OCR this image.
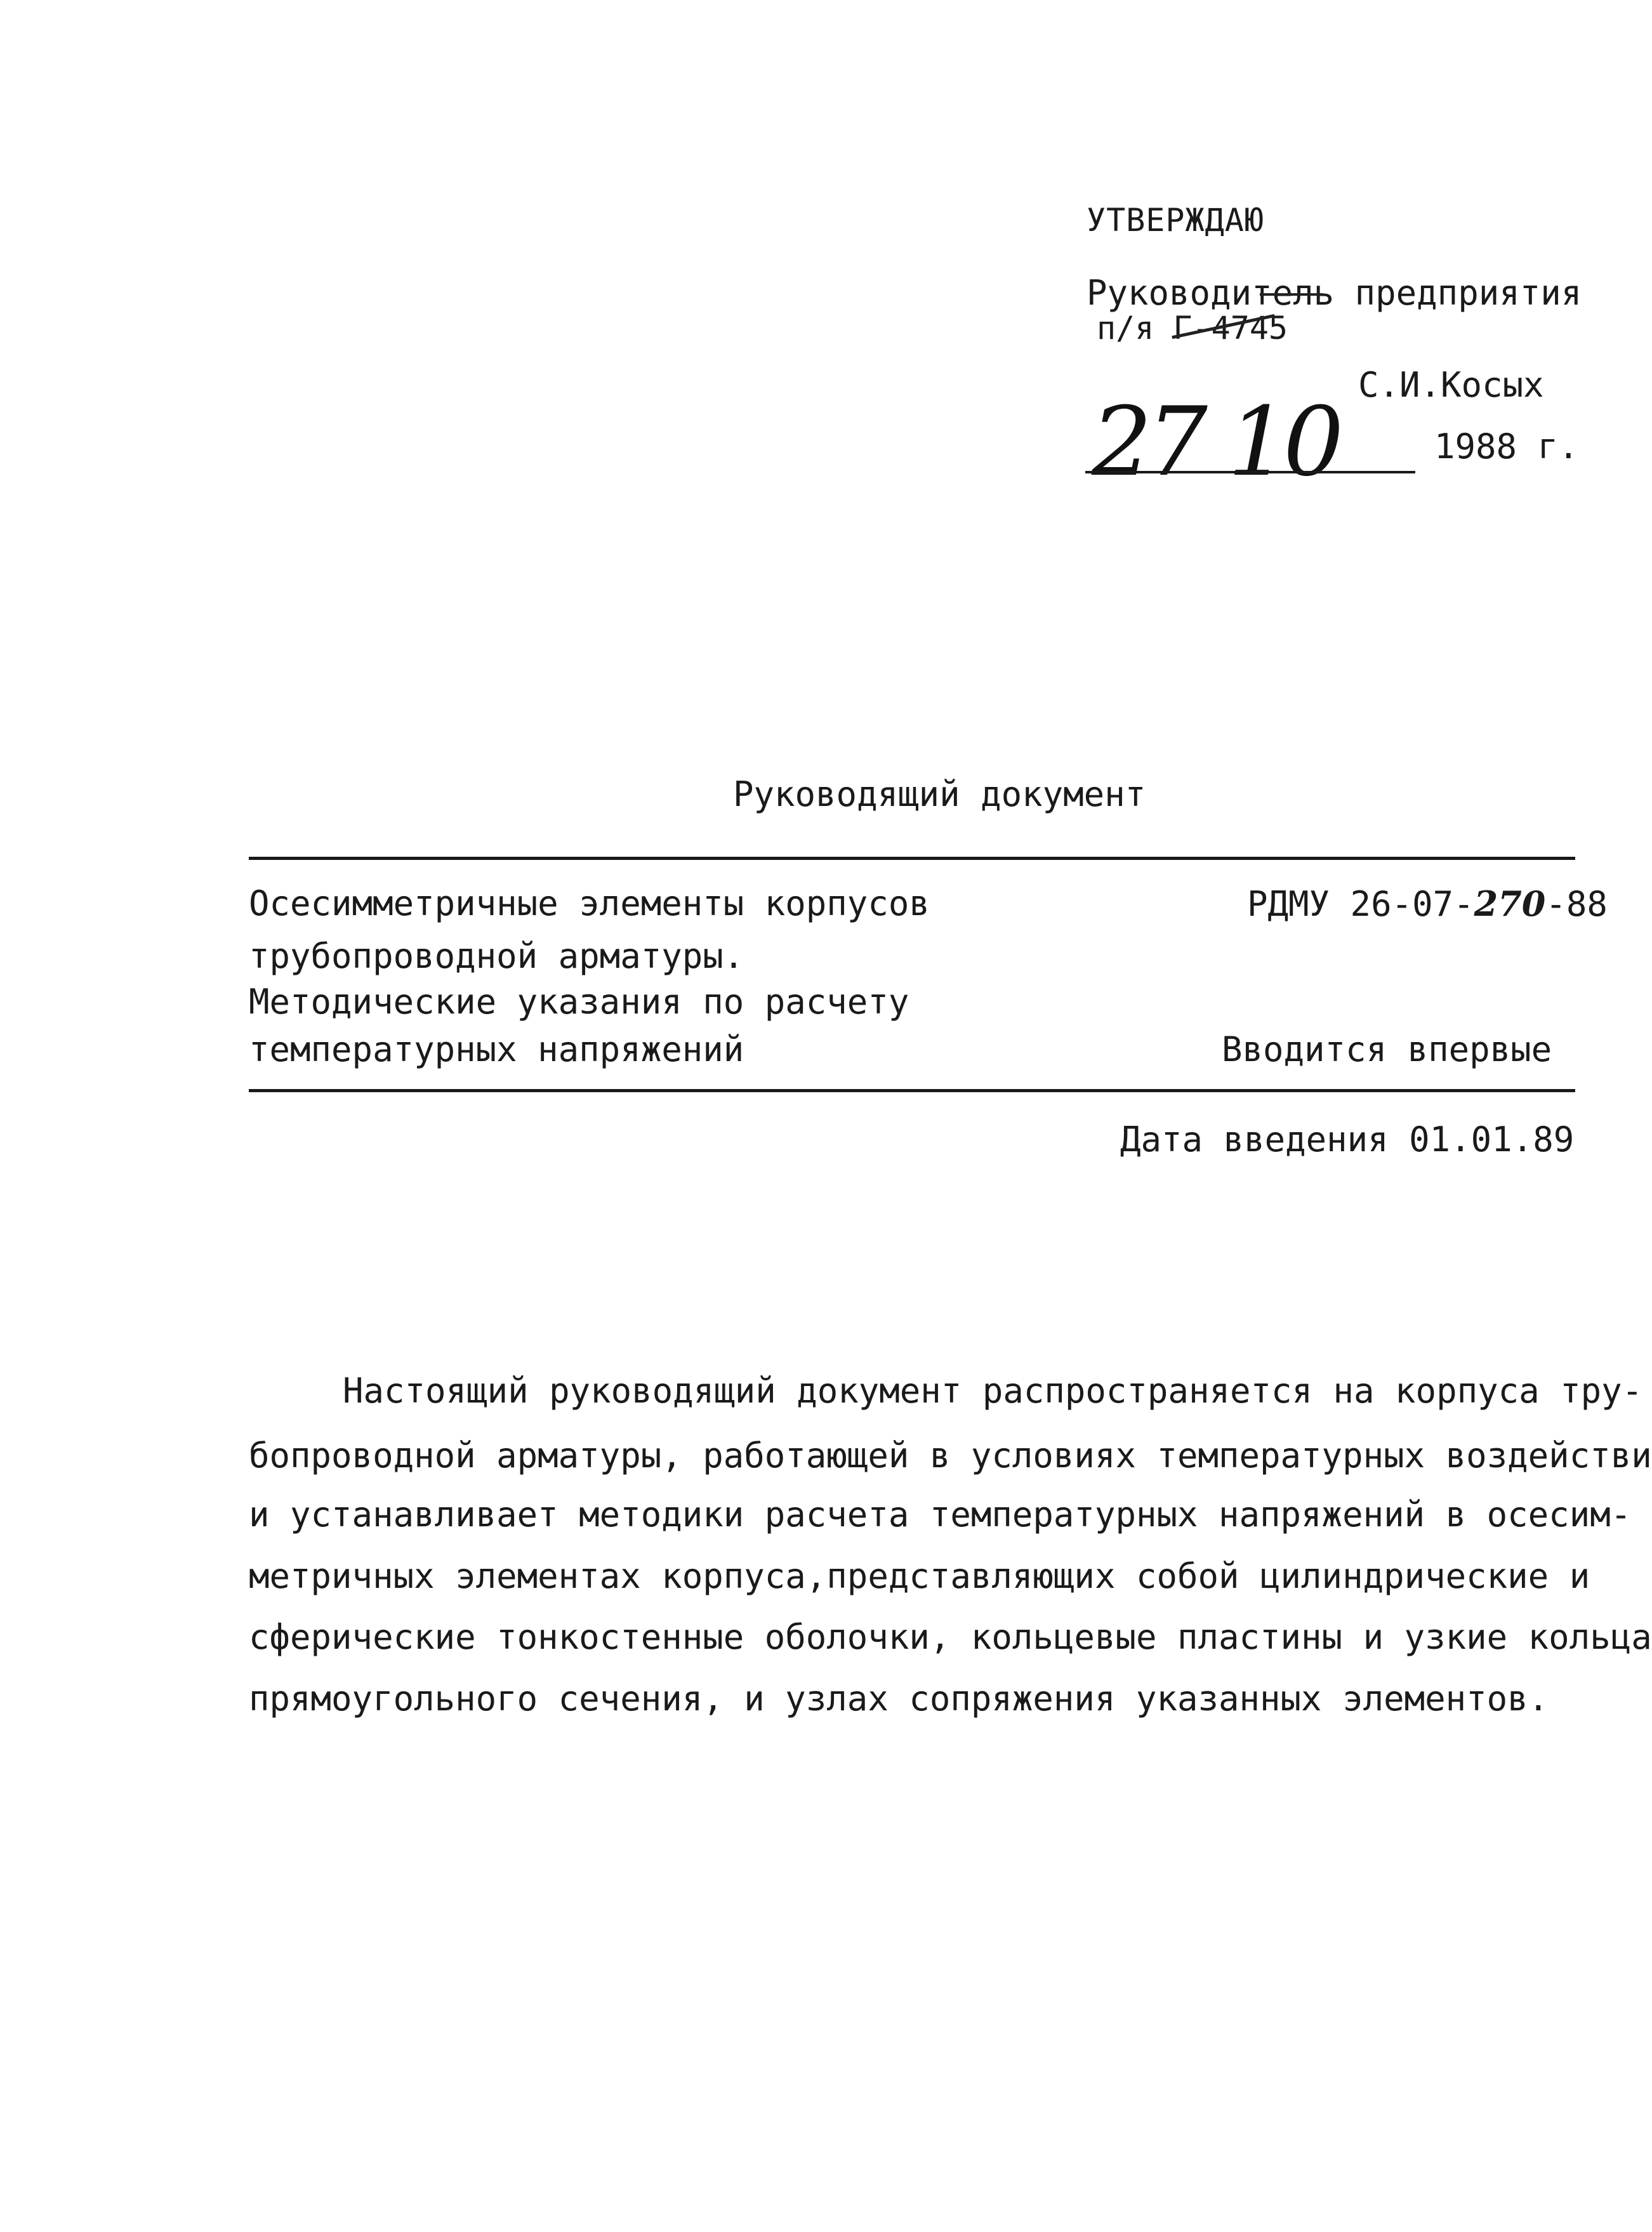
УТВЕРЖДАЮ
Руководитель предприятия
п/я Г-4745
С.И.Косых
27 10	1988 г.
Руководящий документ
Осесимметричные элементы корпусов
трубопроводной арматуры.
Методические указания по расчету
температурных напряжений
РДМУ 26-07-270-88
Вводится впервые
Дата введения 01.01.89
Настоящий руководящий документ распространяется на корпуса тру-
бопроводной арматуры, работающей в условиях температурных воздействи
и устанавливает методики расчета температурных напряжений в осесим-
метричных элементах корпуса,представляющих собой цилиндрические и
сферические тонкостенные оболочки, кольцевые пластины и узкие кольца
прямоугольного сечения, и узлах сопряжения указанных элементов.
